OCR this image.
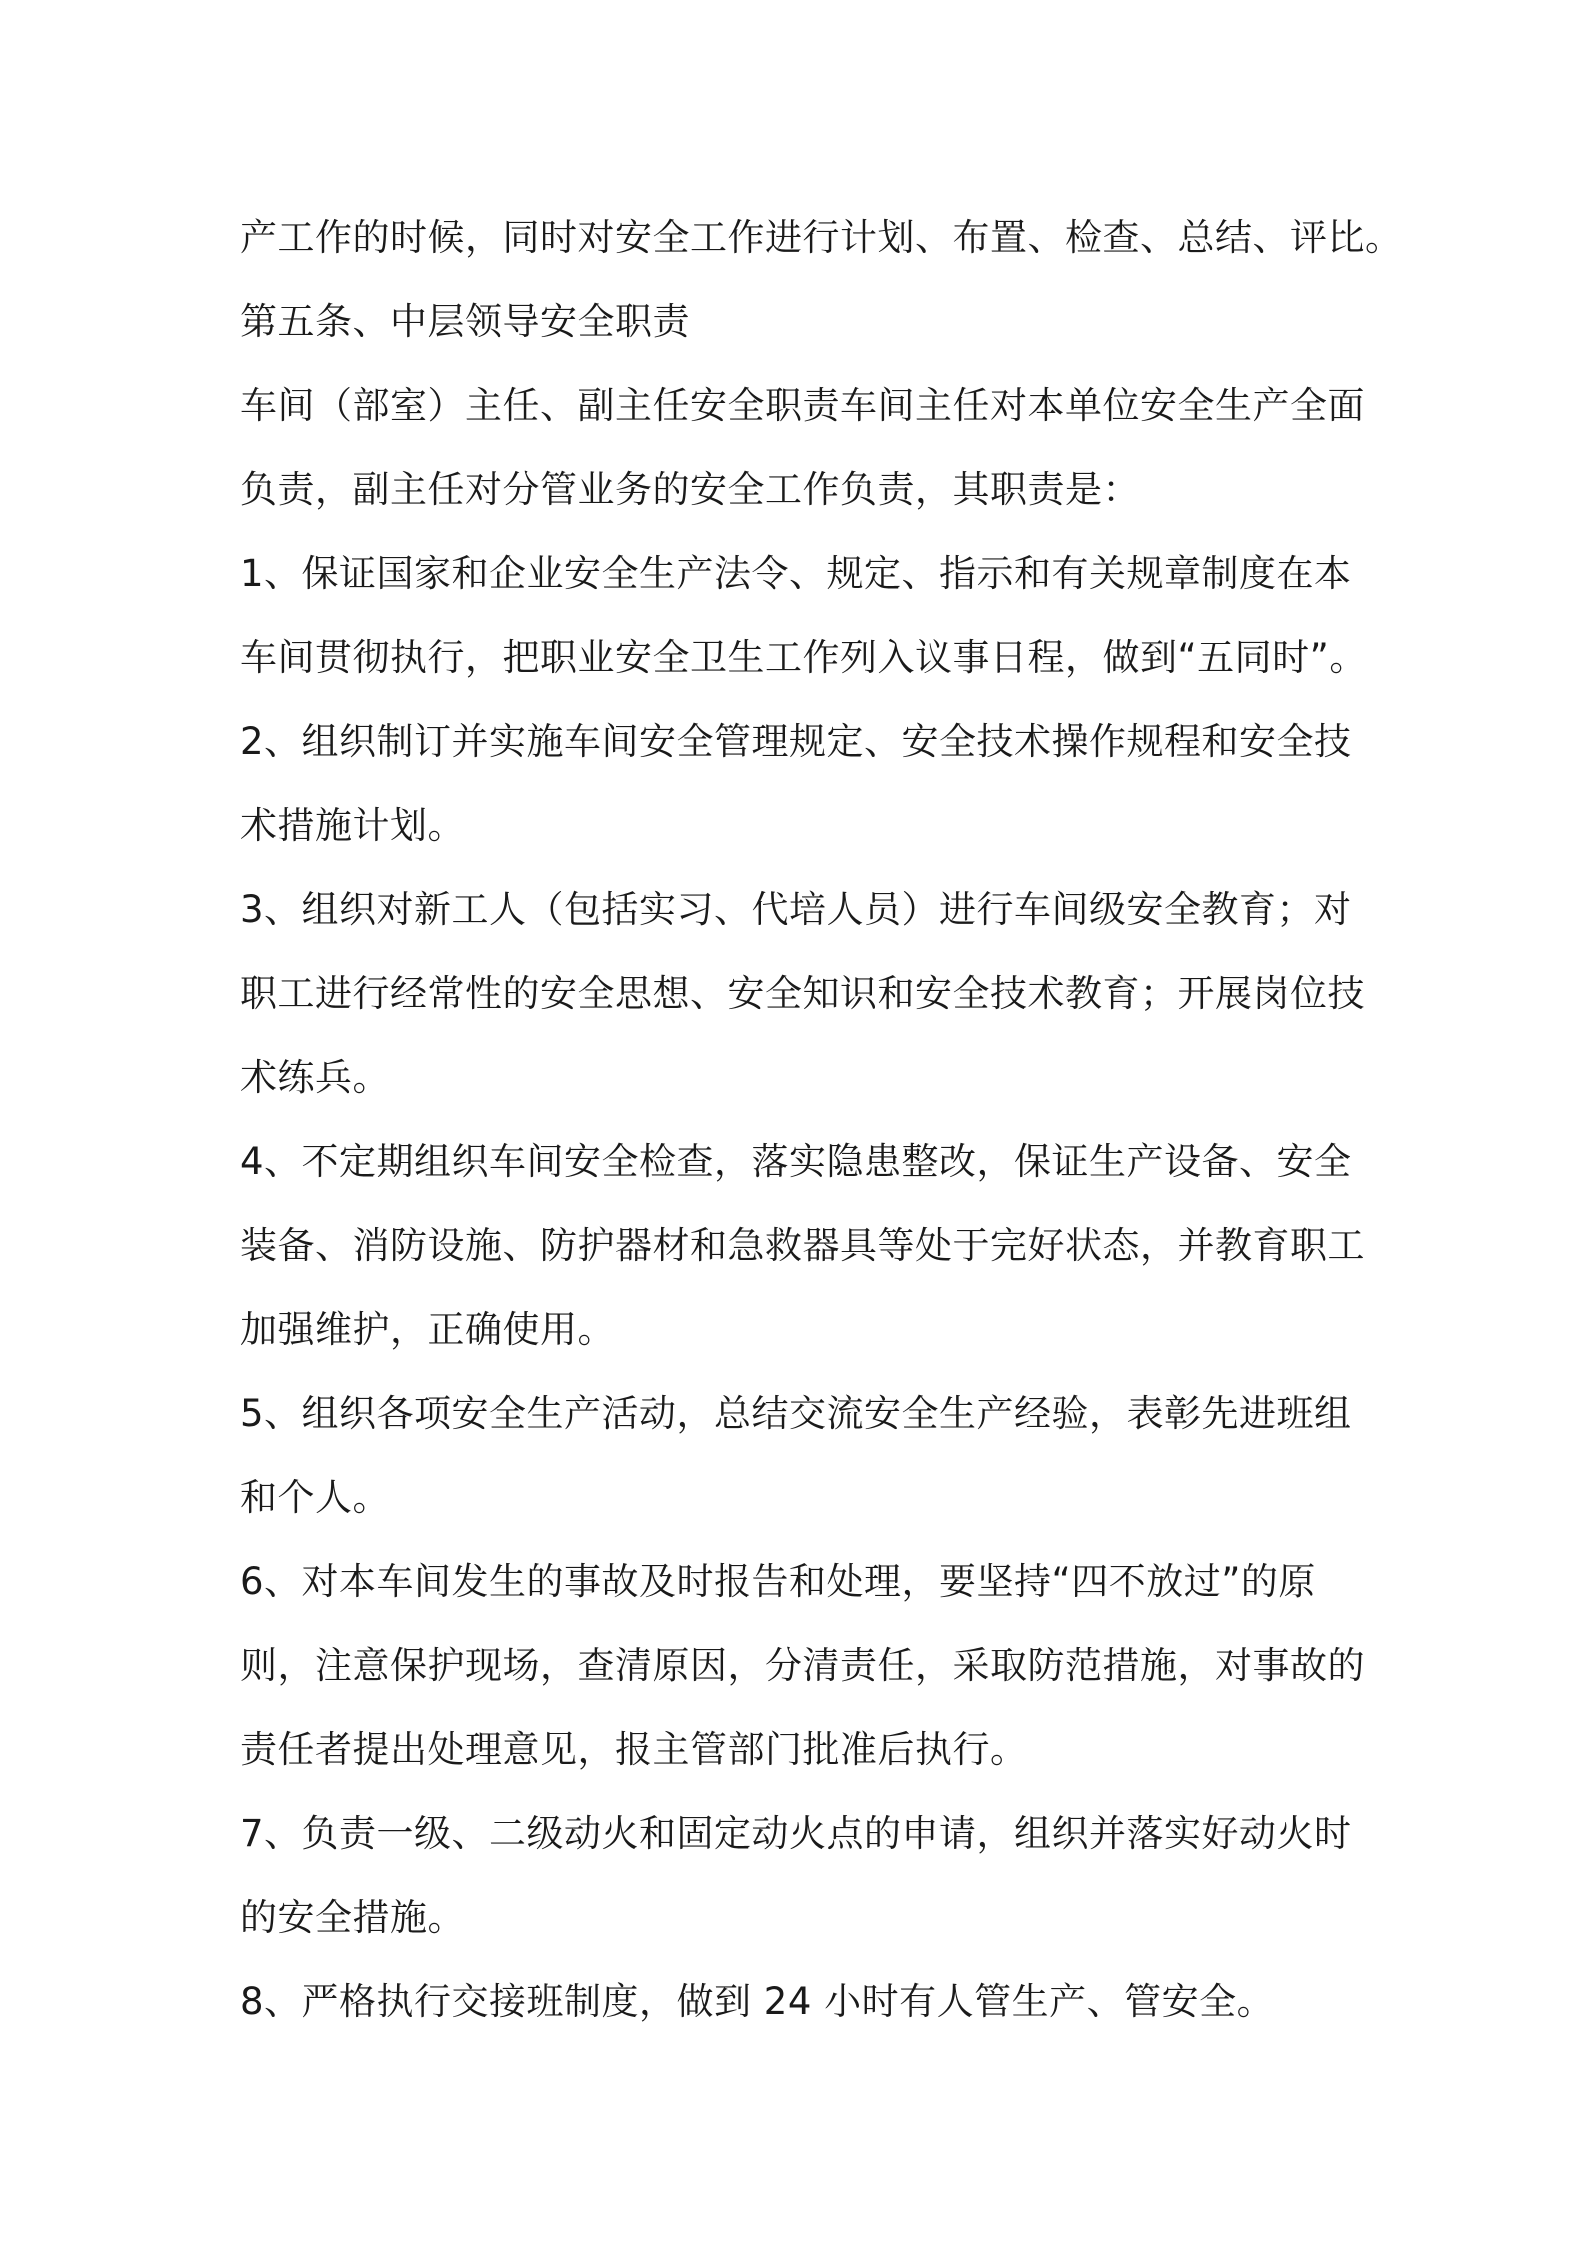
产工作的时候，同时对安全工作进行计划、布置、检查、总结、评比。
第五条、中层领导安全职责
车间（部室）主任、副主任安全职责车间主任对本单位安全生产全面
负责，副主任对分管业务的安全工作负责，其职责是：
1、保证国家和企业安全生产法令、规定、指示和有关规章制度在本
车间贯彻执行，把职业安全卫生工作列入议事日程，做到“五同时”。
2、组织制订并实施车间安全管理规定、安全技术操作规程和安全技
术措施计划。
3、组织对新工人（包括实习、代培人员）进行车间级安全教育；对
职工进行经常性的安全思想、安全知识和安全技术教育；开展岗位技
术练兵。
4、不定期组织车间安全检查，落实隐患整改，保证生产设备、安全
装备、消防设施、防护器材和急救器具等处于完好状态，并教育职工
加强维护，正确使用。
5、组织各项安全生产活动，总结交流安全生产经验，表彰先进班组
和个人。
6、对本车间发生的事故及时报告和处理，要坚持“四不放过”的原
则，注意保护现场，查清原因，分清责任，采取防范措施，对事故的
责任者提出处理意见，报主管部门批准后执行。
7、负责一级、二级动火和固定动火点的申请，组织并落实好动火时
的安全措施。
8、严格执行交接班制度，做到 24 小时有人管生产、管安全。
